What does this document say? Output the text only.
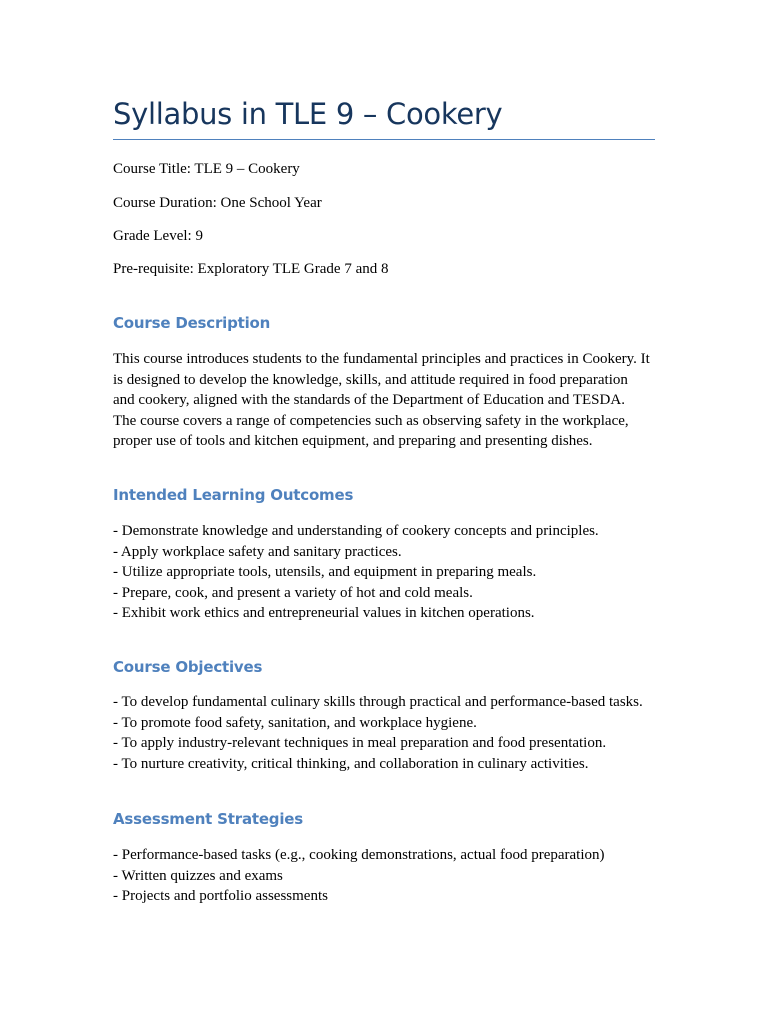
Syllabus in TLE 9 – Cookery
Course Title: TLE 9 – Cookery
Course Duration: One School Year
Grade Level: 9
Pre-requisite: Exploratory TLE Grade 7 and 8
Course Description
This course introduces students to the fundamental principles and practices in Cookery. It
is designed to develop the knowledge, skills, and attitude required in food preparation
and cookery, aligned with the standards of the Department of Education and TESDA.
The course covers a range of competencies such as observing safety in the workplace,
proper use of tools and kitchen equipment, and preparing and presenting dishes.
Intended Learning Outcomes
- Demonstrate knowledge and understanding of cookery concepts and principles.
- Apply workplace safety and sanitary practices.
- Utilize appropriate tools, utensils, and equipment in preparing meals.
- Prepare, cook, and present a variety of hot and cold meals.
- Exhibit work ethics and entrepreneurial values in kitchen operations.
Course Objectives
- To develop fundamental culinary skills through practical and performance-based tasks.
- To promote food safety, sanitation, and workplace hygiene.
- To apply industry-relevant techniques in meal preparation and food presentation.
- To nurture creativity, critical thinking, and collaboration in culinary activities.
Assessment Strategies
- Performance-based tasks (e.g., cooking demonstrations, actual food preparation)
- Written quizzes and exams
- Projects and portfolio assessments
